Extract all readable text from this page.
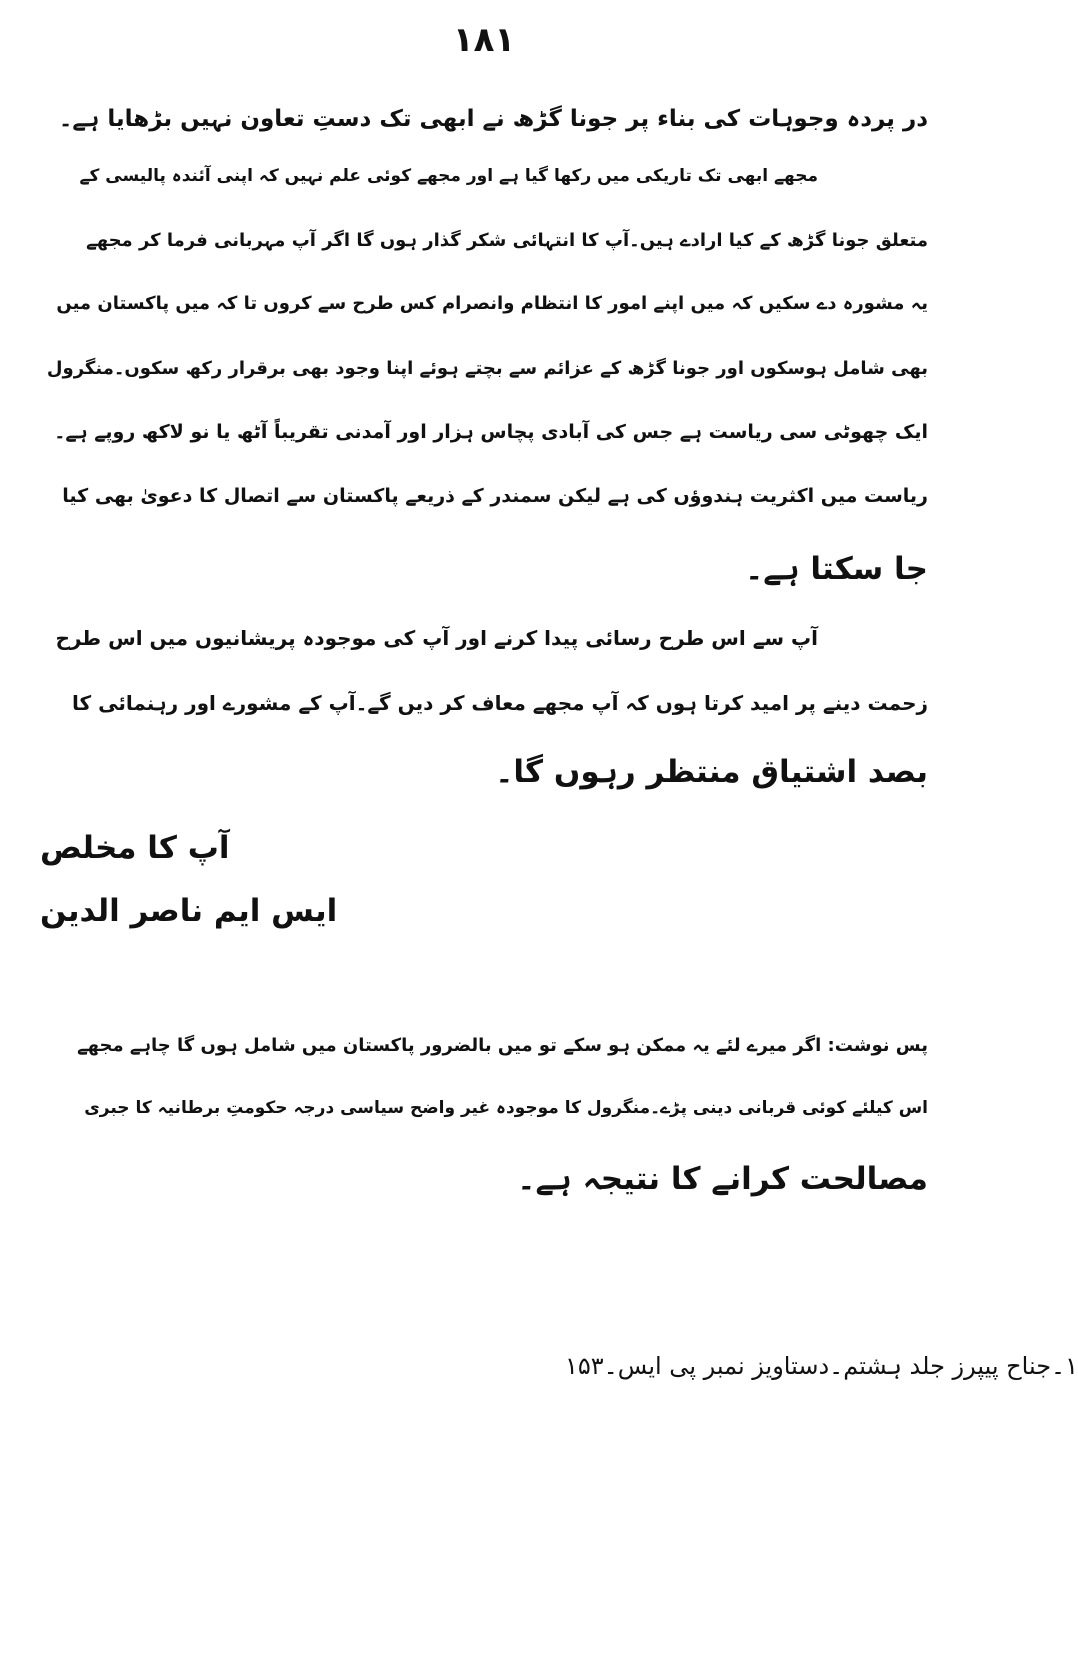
۱۸۱
در پردہ وجوہات کی بناء پر جونا گڑھ نے ابھی تک دستِ تعاون نہیں بڑھایا ہے۔
مجھے ابھی تک تاریکی میں رکھا گیا ہے اور مجھے کوئی علم نہیں کہ اپنی آئندہ پالیسی کے
متعلق جونا گڑھ کے کیا ارادے ہیں۔آپ کا انتہائی شکر گذار ہوں گا اگر آپ مہربانی فرما کر مجھے
یہ مشورہ دے سکیں کہ میں اپنے امور کا انتظام وانصرام کس طرح سے کروں تا کہ میں پاکستان میں
بھی شامل ہوسکوں اور جونا گڑھ کے عزائم سے بچتے ہوئے اپنا وجود بھی برقرار رکھ سکوں۔منگرول
ایک چھوٹی سی ریاست ہے جس کی آبادی پچاس ہزار اور آمدنی تقریباً آٹھ یا نو لاکھ روپے ہے۔
ریاست میں اکثریت ہندوؤں کی ہے لیکن سمندر کے ذریعے پاکستان سے اتصال کا دعویٰ بھی کیا
جا سکتا ہے۔
آپ سے اس طرح رسائی پیدا کرنے اور آپ کی موجودہ پریشانیوں میں اس طرح
زحمت دینے پر امید کرتا ہوں کہ آپ مجھے معاف کر دیں گے۔آپ کے مشورے اور رہنمائی کا
بصد اشتیاق منتظر رہوں گا۔
آپ کا مخلص
ایس ایم ناصر الدین
پس نوشت: اگر میرے لئے یہ ممکن ہو سکے تو میں بالضرور پاکستان میں شامل ہوں گا چاہے مجھے
اس کیلئے کوئی قربانی دینی پڑے۔منگرول کا موجودہ غیر واضح سیاسی درجہ حکومتِ برطانیہ کا جبری
مصالحت کرانے کا نتیجہ ہے۔
۱۔جناح پیپرز جلد ہشتم۔دستاویز نمبر پی ایس۔۱۵۳
